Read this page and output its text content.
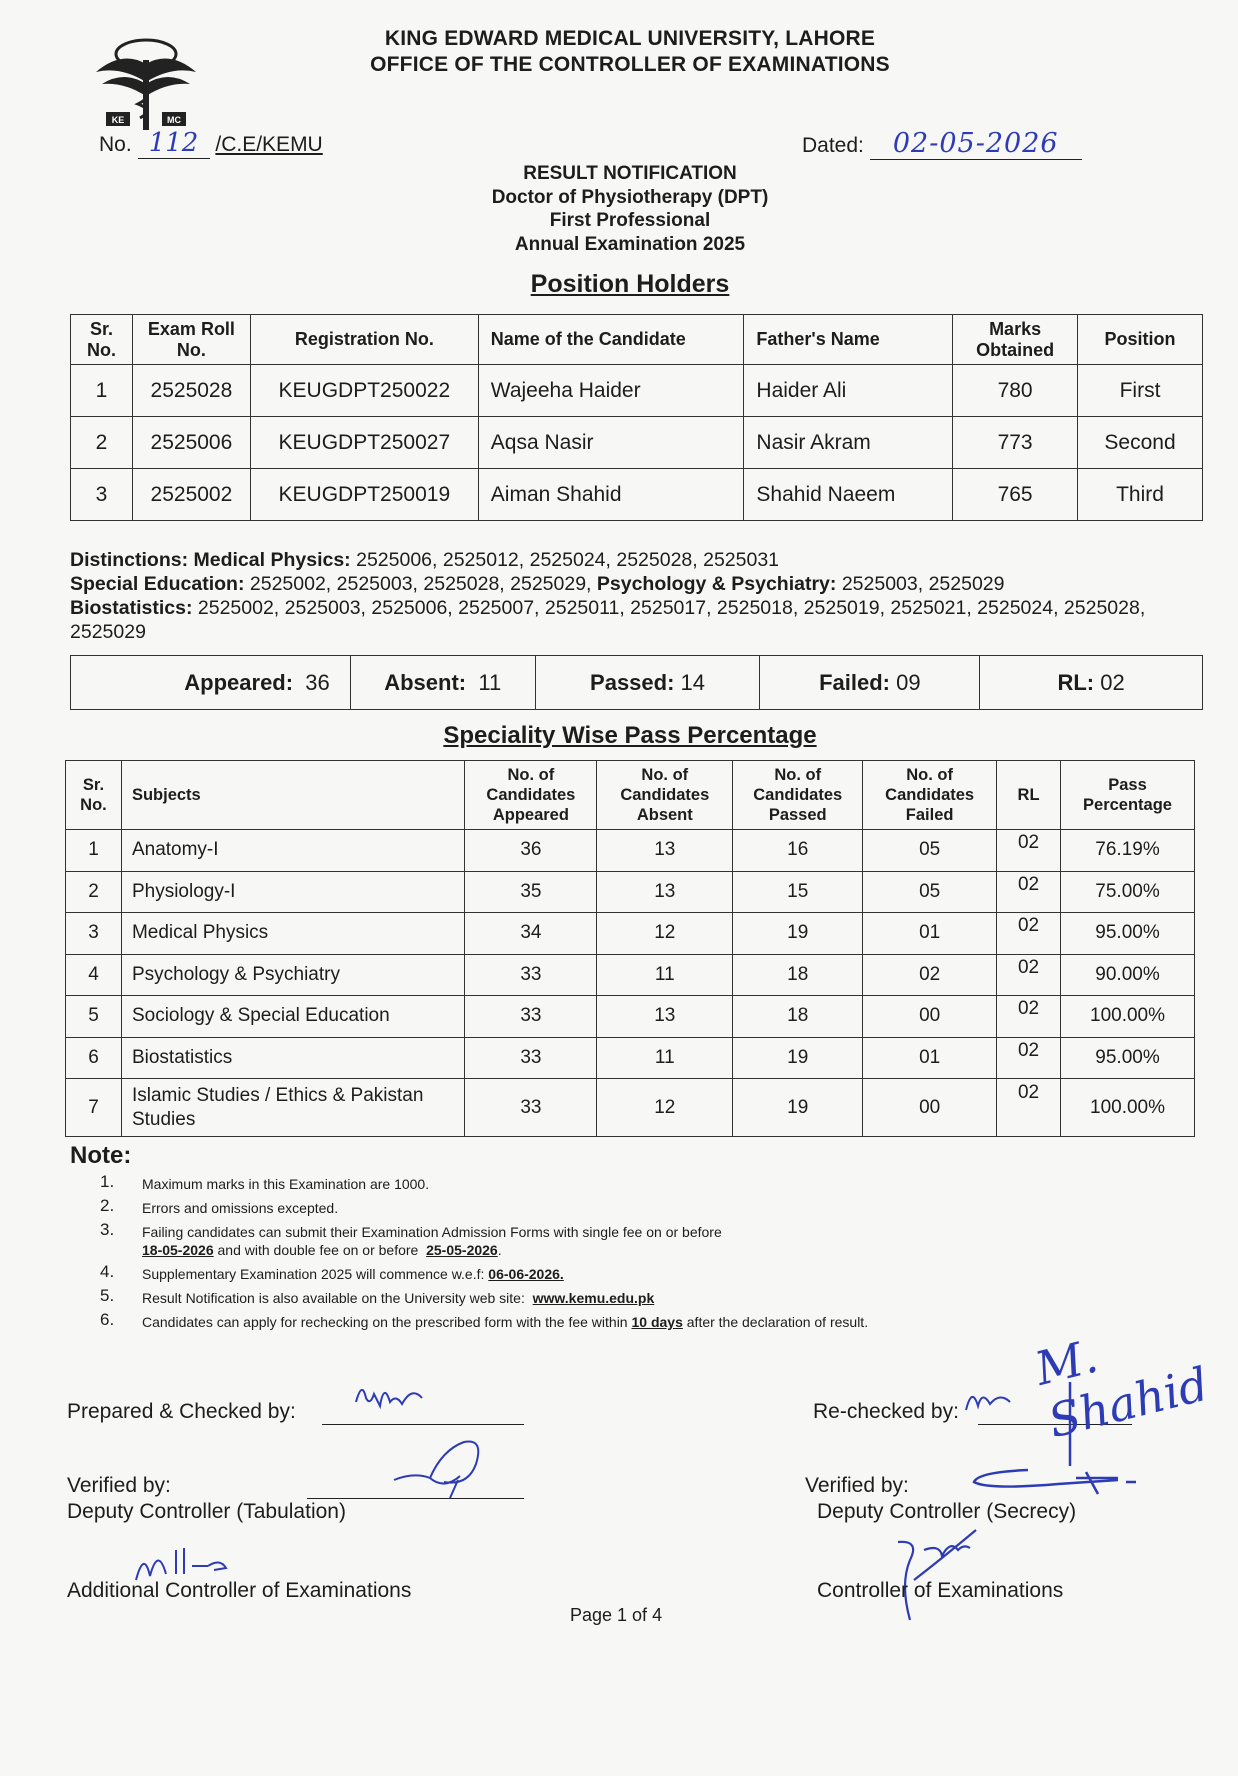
KING EDWARD MEDICAL UNIVERSITY, LAHORE
OFFICE OF THE CONTROLLER OF EXAMINATIONS
KE	MC
No. 112 /C.E/KEMU	Dated: 02-05-2026
RESULT NOTIFICATION
Doctor of Physiotherapy (DPT)
First Professional
Annual Examination 2025
Position Holders
Sr. No.	Exam Roll No.	Registration No.	Name of the Candidate	Father's Name	Marks Obtained	Position
1	2525028	KEUGDPT250022	Wajeeha Haider	Haider Ali	780	First
2	2525006	KEUGDPT250027	Aqsa Nasir	Nasir Akram	773	Second
3	2525002	KEUGDPT250019	Aiman Shahid	Shahid Naeem	765	Third
Distinctions: Medical Physics: 2525006, 2525012, 2525024, 2525028, 2525031
Special Education: 2525002, 2525003, 2525028, 2525029, Psychology & Psychiatry: 2525003, 2525029
Biostatistics: 2525002, 2525003, 2525006, 2525007, 2525011, 2525017, 2525018, 2525019, 2525021, 2525024, 2525028, 2525029
Appeared: 36	Absent: 11	Passed: 14	Failed: 09	RL: 02
Speciality Wise Pass Percentage
Sr. No.	Subjects	No. of Candidates Appeared	No. of Candidates Absent	No. of Candidates Passed	No. of Candidates Failed	RL	Pass Percentage
1	Anatomy-I	36	13	16	05	02	76.19%
2	Physiology-I	35	13	15	05	02	75.00%
3	Medical Physics	34	12	19	01	02	95.00%
4	Psychology & Psychiatry	33	11	18	02	02	90.00%
5	Sociology & Special Education	33	13	18	00	02	100.00%
6	Biostatistics	33	11	19	01	02	95.00%
7	Islamic Studies / Ethics & Pakistan Studies	33	12	19	00	02	100.00%
Note:
1. Maximum marks in this Examination are 1000.
2. Errors and omissions excepted.
3. Failing candidates can submit their Examination Admission Forms with single fee on or before
18-05-2026 and with double fee on or before 25-05-2026.
4. Supplementary Examination 2025 will commence w.e.f: 06-06-2026.
5. Result Notification is also available on the University web site: www.kemu.edu.pk
6. Candidates can apply for rechecking on the prescribed form with the fee within 10 days after the declaration of result.
Prepared & Checked by:
Verified by:
Deputy Controller (Tabulation)
Additional Controller of Examinations
Re-checked by:
M. Shahid
Verified by:
Deputy Controller (Secrecy)
Controller of Examinations
Page 1 of 4
